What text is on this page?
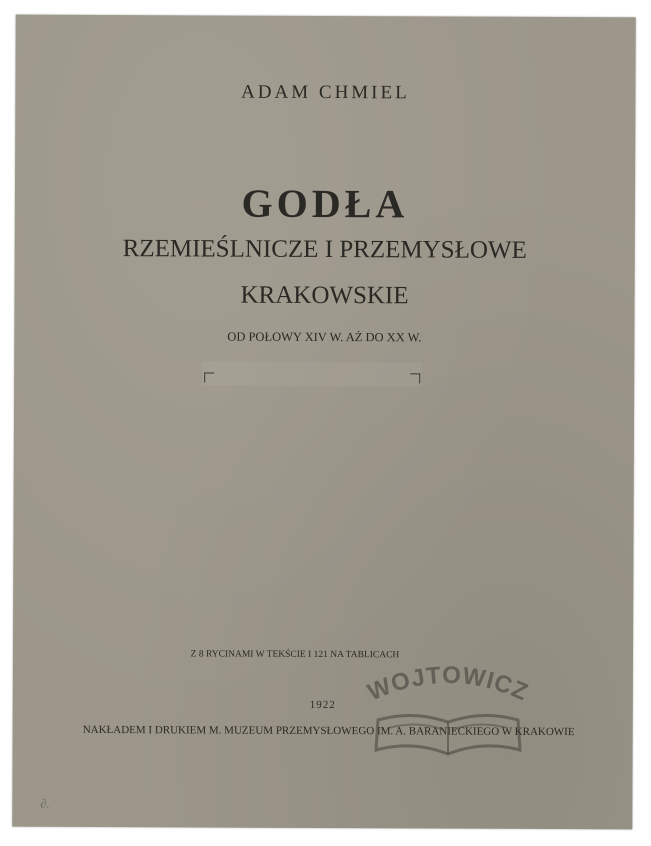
ADAM CHMIEL
GODŁA
RZEMIEŚLNICZE I PRZEMYSŁOWE
KRAKOWSKIE
OD POŁOWY XIV W. AŻ DO XX W.
Z 8 RYCINAMI W TEKŚCIE I 121 NA TABLICACH
1922
NAKŁADEM I DRUKIEM M. MUZEUM PRZEMYSŁOWEGO IM. A. BARANIECKIEGO W KRAKOWIE
∂.
WOJTOWICZ
